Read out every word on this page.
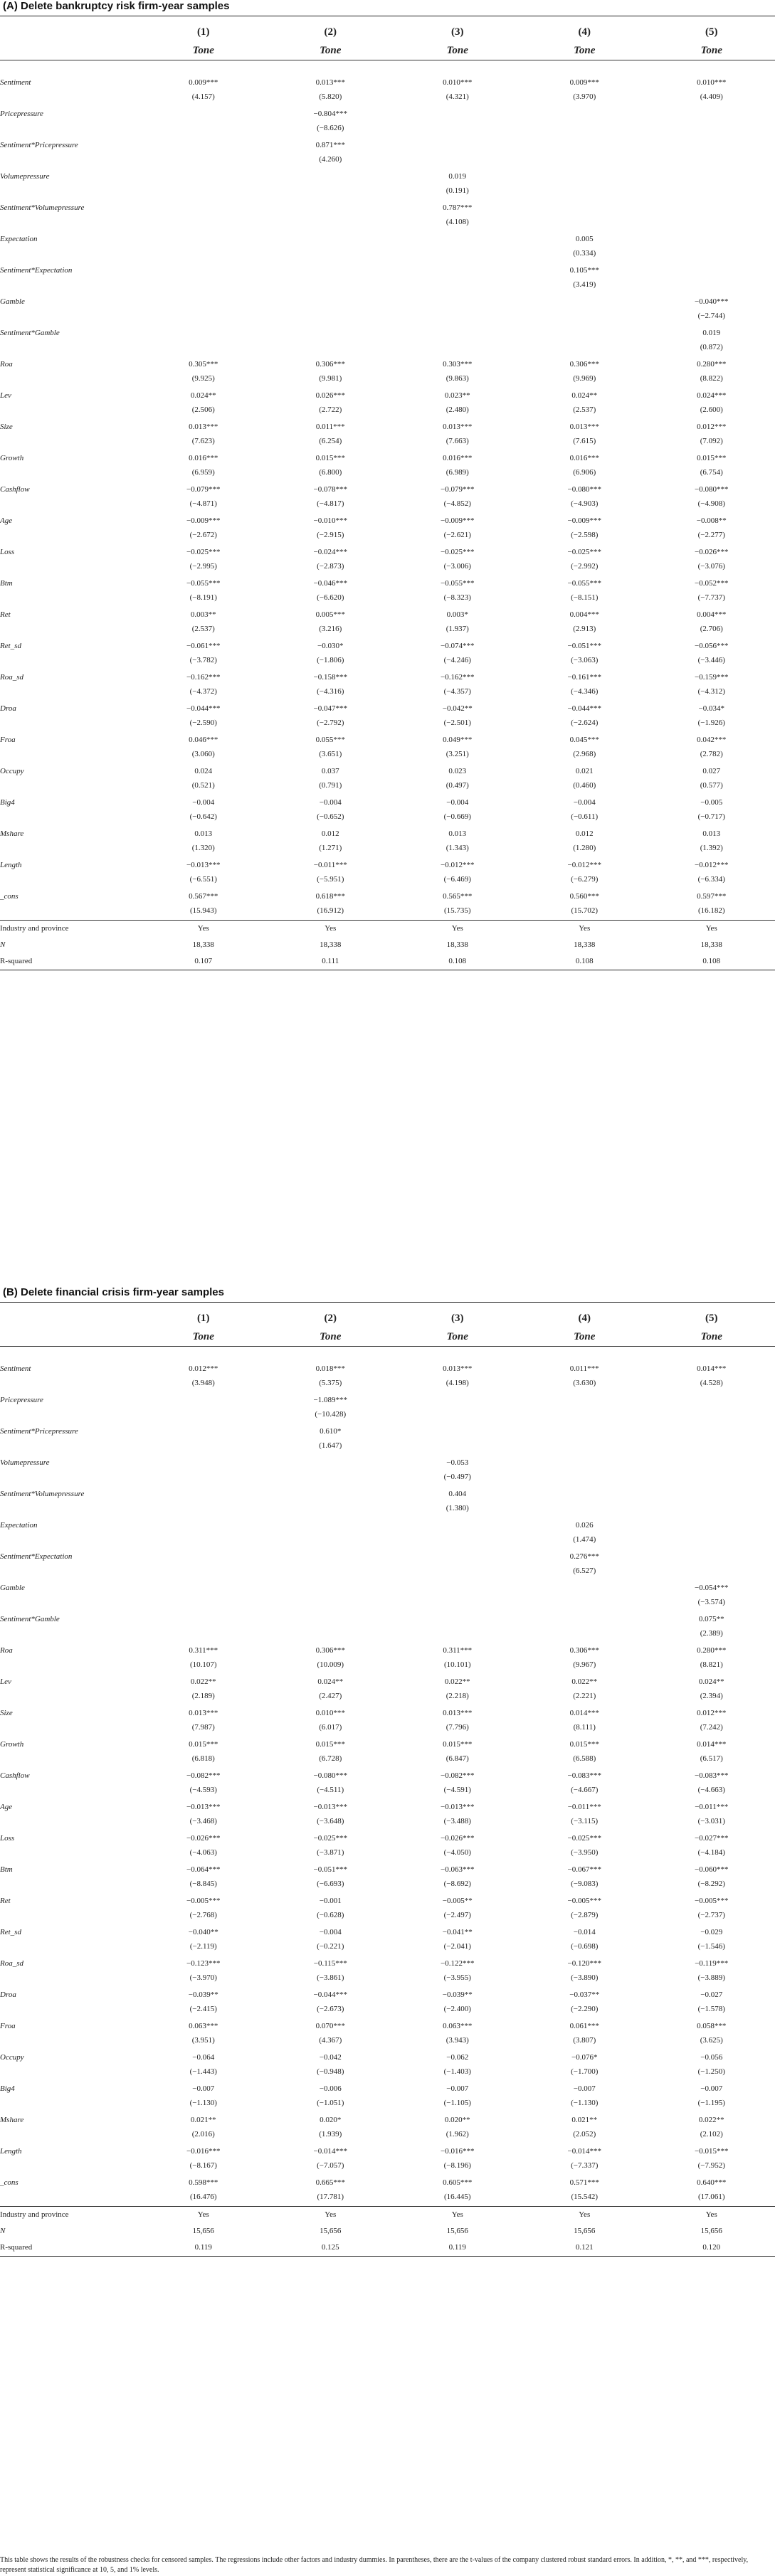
(A) Delete bankruptcy risk firm-year samples
	(1)	(2)	(3)	(4)	(5)
	Tone	Tone	Tone	Tone	Tone

Sentiment	0.009***	0.013***	0.010***	0.009***	0.010***
	(4.157)	(5.820)	(4.321)	(3.970)	(4.409)
Pricepressure		−0.804***			
		(−8.626)			
Sentiment*Pricepressure		0.871***			
		(4.260)			
Volumepressure			0.019		
			(0.191)		
Sentiment*Volumepressure			0.787***		
			(4.108)		
Expectation				0.005	
				(0.334)	
Sentiment*Expectation				0.105***	
				(3.419)	
Gamble					−0.040***
					(−2.744)
Sentiment*Gamble					0.019
					(0.872)
Roa	0.305***	0.306***	0.303***	0.306***	0.280***
	(9.925)	(9.981)	(9.863)	(9.969)	(8.822)
Lev	0.024**	0.026***	0.023**	0.024**	0.024***
	(2.506)	(2.722)	(2.480)	(2.537)	(2.600)
Size	0.013***	0.011***	0.013***	0.013***	0.012***
	(7.623)	(6.254)	(7.663)	(7.615)	(7.092)
Growth	0.016***	0.015***	0.016***	0.016***	0.015***
	(6.959)	(6.800)	(6.989)	(6.906)	(6.754)
Cashflow	−0.079***	−0.078***	−0.079***	−0.080***	−0.080***
	(−4.871)	(−4.817)	(−4.852)	(−4.903)	(−4.908)
Age	−0.009***	−0.010***	−0.009***	−0.009***	−0.008**
	(−2.672)	(−2.915)	(−2.621)	(−2.598)	(−2.277)
Loss	−0.025***	−0.024***	−0.025***	−0.025***	−0.026***
	(−2.995)	(−2.873)	(−3.006)	(−2.992)	(−3.076)
Btm	−0.055***	−0.046***	−0.055***	−0.055***	−0.052***
	(−8.191)	(−6.620)	(−8.323)	(−8.151)	(−7.737)
Ret	0.003**	0.005***	0.003*	0.004***	0.004***
	(2.537)	(3.216)	(1.937)	(2.913)	(2.706)
Ret_sd	−0.061***	−0.030*	−0.074***	−0.051***	−0.056***
	(−3.782)	(−1.806)	(−4.246)	(−3.063)	(−3.446)
Roa_sd	−0.162***	−0.158***	−0.162***	−0.161***	−0.159***
	(−4.372)	(−4.316)	(−4.357)	(−4.346)	(−4.312)
Droa	−0.044***	−0.047***	−0.042**	−0.044***	−0.034*
	(−2.590)	(−2.792)	(−2.501)	(−2.624)	(−1.926)
Froa	0.046***	0.055***	0.049***	0.045***	0.042***
	(3.060)	(3.651)	(3.251)	(2.968)	(2.782)
Occupy	0.024	0.037	0.023	0.021	0.027
	(0.521)	(0.791)	(0.497)	(0.460)	(0.577)
Big4	−0.004	−0.004	−0.004	−0.004	−0.005
	(−0.642)	(−0.652)	(−0.669)	(−0.611)	(−0.717)
Mshare	0.013	0.012	0.013	0.012	0.013
	(1.320)	(1.271)	(1.343)	(1.280)	(1.392)
Length	−0.013***	−0.011***	−0.012***	−0.012***	−0.012***
	(−6.551)	(−5.951)	(−6.469)	(−6.279)	(−6.334)
_cons	0.567***	0.618***	0.565***	0.560***	0.597***
	(15.943)	(16.912)	(15.735)	(15.702)	(16.182)
Industry and province	Yes	Yes	Yes	Yes	Yes
N	18,338	18,338	18,338	18,338	18,338
R-squared	0.107	0.111	0.108	0.108	0.108
(B) Delete financial crisis firm-year samples
	(1)	(2)	(3)	(4)	(5)
	Tone	Tone	Tone	Tone	Tone

Sentiment	0.012***	0.018***	0.013***	0.011***	0.014***
	(3.948)	(5.375)	(4.198)	(3.630)	(4.528)
Pricepressure		−1.089***			
		(−10.428)			
Sentiment*Pricepressure		0.610*			
		(1.647)			
Volumepressure			−0.053		
			(−0.497)		
Sentiment*Volumepressure			0.404		
			(1.380)		
Expectation				0.026	
				(1.474)	
Sentiment*Expectation				0.276***	
				(6.527)	
Gamble					−0.054***
					(−3.574)
Sentiment*Gamble					0.075**
					(2.389)
Roa	0.311***	0.306***	0.311***	0.306***	0.280***
	(10.107)	(10.009)	(10.101)	(9.967)	(8.821)
Lev	0.022**	0.024**	0.022**	0.022**	0.024**
	(2.189)	(2.427)	(2.218)	(2.221)	(2.394)
Size	0.013***	0.010***	0.013***	0.014***	0.012***
	(7.987)	(6.017)	(7.796)	(8.111)	(7.242)
Growth	0.015***	0.015***	0.015***	0.015***	0.014***
	(6.818)	(6.728)	(6.847)	(6.588)	(6.517)
Cashflow	−0.082***	−0.080***	−0.082***	−0.083***	−0.083***
	(−4.593)	(−4.511)	(−4.591)	(−4.667)	(−4.663)
Age	−0.013***	−0.013***	−0.013***	−0.011***	−0.011***
	(−3.468)	(−3.648)	(−3.488)	(−3.115)	(−3.031)
Loss	−0.026***	−0.025***	−0.026***	−0.025***	−0.027***
	(−4.063)	(−3.871)	(−4.050)	(−3.950)	(−4.184)
Btm	−0.064***	−0.051***	−0.063***	−0.067***	−0.060***
	(−8.845)	(−6.693)	(−8.692)	(−9.083)	(−8.292)
Ret	−0.005***	−0.001	−0.005**	−0.005***	−0.005***
	(−2.768)	(−0.628)	(−2.497)	(−2.879)	(−2.737)
Ret_sd	−0.040**	−0.004	−0.041**	−0.014	−0.029
	(−2.119)	(−0.221)	(−2.041)	(−0.698)	(−1.546)
Roa_sd	−0.123***	−0.115***	−0.122***	−0.120***	−0.119***
	(−3.970)	(−3.861)	(−3.955)	(−3.890)	(−3.889)
Droa	−0.039**	−0.044***	−0.039**	−0.037**	−0.027
	(−2.415)	(−2.673)	(−2.400)	(−2.290)	(−1.578)
Froa	0.063***	0.070***	0.063***	0.061***	0.058***
	(3.951)	(4.367)	(3.943)	(3.807)	(3.625)
Occupy	−0.064	−0.042	−0.062	−0.076*	−0.056
	(−1.443)	(−0.948)	(−1.403)	(−1.700)	(−1.250)
Big4	−0.007	−0.006	−0.007	−0.007	−0.007
	(−1.130)	(−1.051)	(−1.105)	(−1.130)	(−1.195)
Mshare	0.021**	0.020*	0.020**	0.021**	0.022**
	(2.016)	(1.939)	(1.962)	(2.052)	(2.102)
Length	−0.016***	−0.014***	−0.016***	−0.014***	−0.015***
	(−8.167)	(−7.057)	(−8.196)	(−7.337)	(−7.952)
_cons	0.598***	0.665***	0.605***	0.571***	0.640***
	(16.476)	(17.781)	(16.445)	(15.542)	(17.061)
Industry and province	Yes	Yes	Yes	Yes	Yes
N	15,656	15,656	15,656	15,656	15,656
R-squared	0.119	0.125	0.119	0.121	0.120
This table shows the results of the robustness checks for censored samples. The regressions include other factors and industry dummies. In parentheses, there are the t-values of the company clustered robust standard errors. In addition, *, **, and ***, respectively, represent statistical significance at 10, 5, and 1% levels.
